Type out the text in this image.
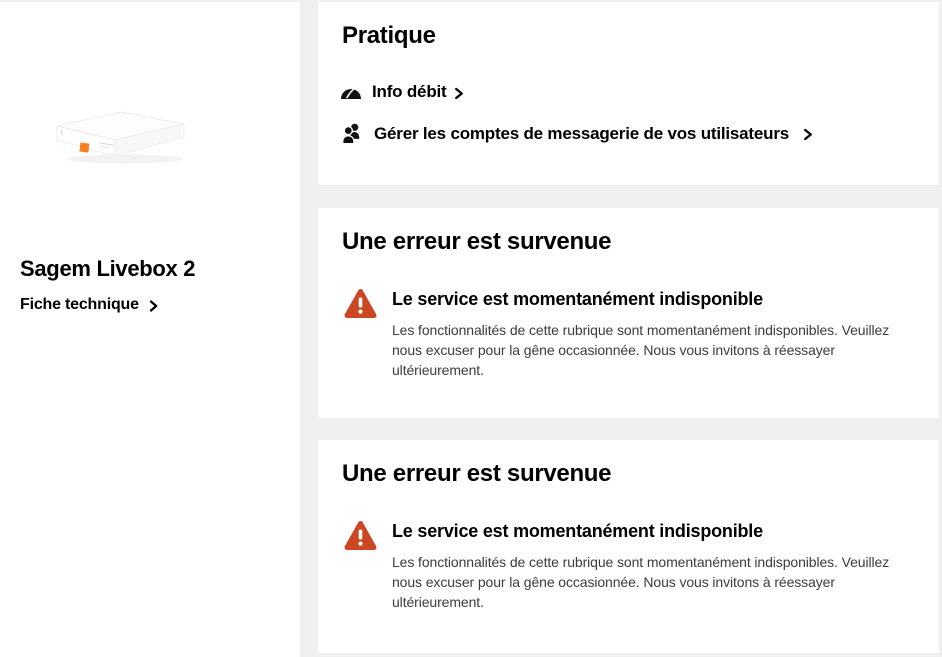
Sagem Livebox 2
Fiche technique
Pratique
Info débit
Gérer les comptes de messagerie de vos utilisateurs
Une erreur est survenue
Le service est momentanément indisponible

Les fonctionnalités de cette rubrique sont momentanément indisponibles. Veuillez nous excuser pour la gêne occasionnée. Nous vous invitons à réessayer ultérieurement.

Une erreur est survenue
Le service est momentanément indisponible

Les fonctionnalités de cette rubrique sont momentanément indisponibles. Veuillez nous excuser pour la gêne occasionnée. Nous vous invitons à réessayer ultérieurement.
